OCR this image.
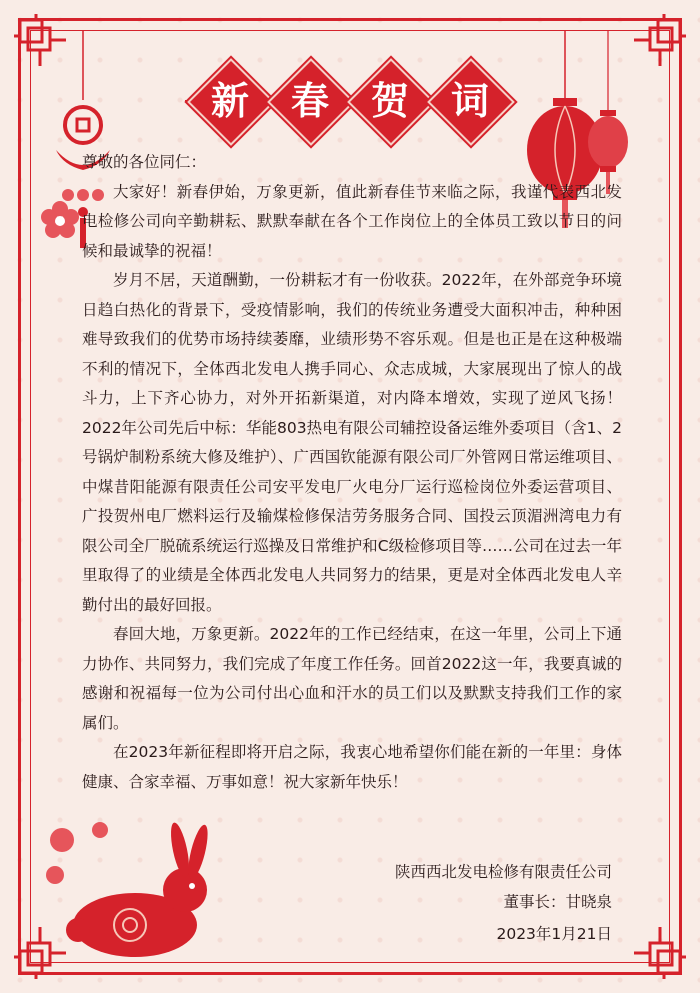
新	春	贺	词

尊敬的各位同仁：

大家好！新春伊始，万象更新，值此新春佳节来临之际，我谨代表西北发电检修公司向辛勤耕耘、默默奉献在各个工作岗位上的全体员工致以节日的问候和最诚挚的祝福！

岁月不居，天道酬勤，一份耕耘才有一份收获。2022年，在外部竞争环境日趋白热化的背景下，受疫情影响，我们的传统业务遭受大面积冲击，种种困难导致我们的优势市场持续萎靡，业绩形势不容乐观。但是也正是在这种极端不利的情况下，全体西北发电人携手同心、众志成城，大家展现出了惊人的战斗力，上下齐心协力，对外开拓新渠道，对内降本增效，实现了逆风飞扬！2022年公司先后中标：华能803热电有限公司辅控设备运维外委项目（含1、2 号锅炉制粉系统大修及维护）、广西国钦能源有限公司厂外管网日常运维项目、中煤昔阳能源有限责任公司安平发电厂火电分厂运行巡检岗位外委运营项目、 广投贺州电厂燃料运行及输煤检修保洁劳务服务合同、国投云顶湄洲湾电力有限公司全厂脱硫系统运行巡操及日常维护和C级检修项目等……公司在过去一年里取得了的业绩是全体西北发电人共同努力的结果，更是对全体西北发电人辛勤付出的最好回报。

春回大地，万象更新。2022年的工作已经结束，在这一年里，公司上下通力协作、共同努力，我们完成了年度工作任务。回首2022这一年，我要真诚的感谢和祝福每一位为公司付出心血和汗水的员工们以及默默支持我们工作的家属们。

在2023年新征程即将开启之际，我衷心地希望你们能在新的一年里：身体健康、合家幸福、万事如意！祝大家新年快乐！

陕西西北发电检修有限责任公司
董事长：甘晓泉
2023年1月21日
